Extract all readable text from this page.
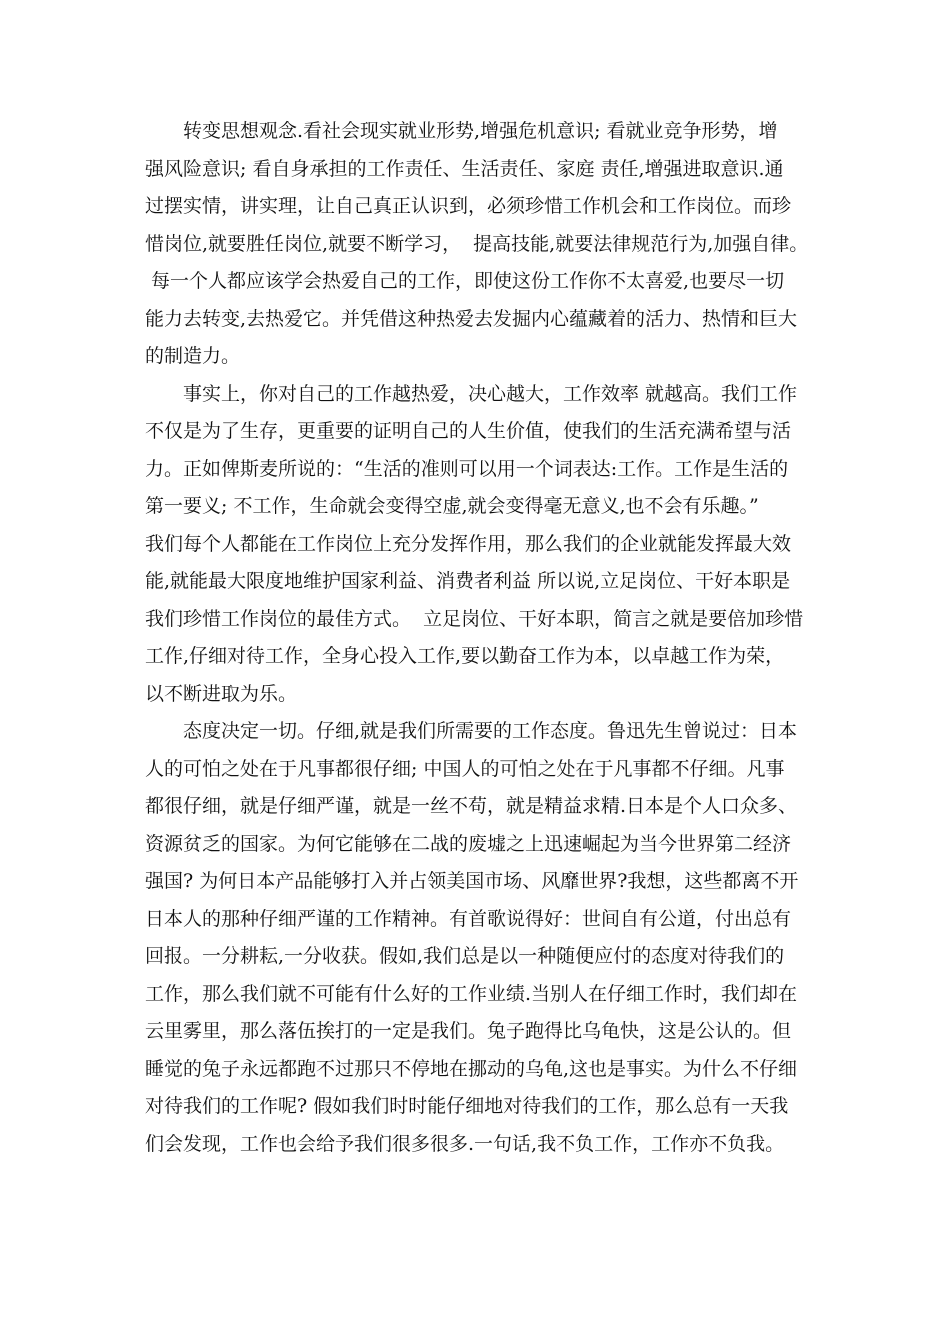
　　转变思想观念.看社会现实就业形势,增强危机意识; 看就业竞争形势，增
强风险意识; 看自身承担的工作责任、生活责任、家庭 责任,增强进取意识.通
过摆实情，讲实理，让自己真正认识到，必须珍惜工作机会和工作岗位。而珍
惜岗位,就要胜任岗位,就要不断学习，  提高技能,就要法律规范行为,加强自律。
每一个人都应该学会热爱自己的工作，即使这份工作你不太喜爱,也要尽一切
能力去转变,去热爱它。并凭借这种热爱去发掘内心蕴藏着的活力、热情和巨大
的制造力。
　　事实上，你对自己的工作越热爱，决心越大，工作效率 就越高。我们工作
不仅是为了生存，更重要的证明自己的人生价值，使我们的生活充满希望与活
力。正如俾斯麦所说的：“生活的准则可以用一个词表达:工作。工作是生活的
第一要义; 不工作，生命就会变得空虚,就会变得毫无意义,也不会有乐趣。”
我们每个人都能在工作岗位上充分发挥作用，那么我们的企业就能发挥最大效
能,就能最大限度地维护国家利益、消费者利益 所以说,立足岗位、干好本职是
我们珍惜工作岗位的最佳方式。  立足岗位、干好本职，简言之就是要倍加珍惜
工作,仔细对待工作，全身心投入工作,要以勤奋工作为本，以卓越工作为荣，
以不断进取为乐。
　　态度决定一切。仔细,就是我们所需要的工作态度。鲁迅先生曾说过：日本
人的可怕之处在于凡事都很仔细; 中国人的可怕之处在于凡事都不仔细。凡事
都很仔细，就是仔细严谨，就是一丝不苟，就是精益求精.日本是个人口众多、
资源贫乏的国家。为何它能够在二战的废墟之上迅速崛起为当今世界第二经济
强国? 为何日本产品能够打入并占领美国市场、风靡世界?我想，这些都离不开
日本人的那种仔细严谨的工作精神。有首歌说得好：世间自有公道，付出总有
回报。一分耕耘,一分收获。假如,我们总是以一种随便应付的态度对待我们的
工作，那么我们就不可能有什么好的工作业绩.当别人在仔细工作时，我们却在
云里雾里，那么落伍挨打的一定是我们。兔子跑得比乌龟快，这是公认的。但
睡觉的兔子永远都跑不过那只不停地在挪动的乌龟,这也是事实。为什么不仔细
对待我们的工作呢? 假如我们时时能仔细地对待我们的工作，那么总有一天我
们会发现，工作也会给予我们很多很多.一句话,我不负工作，工作亦不负我。
